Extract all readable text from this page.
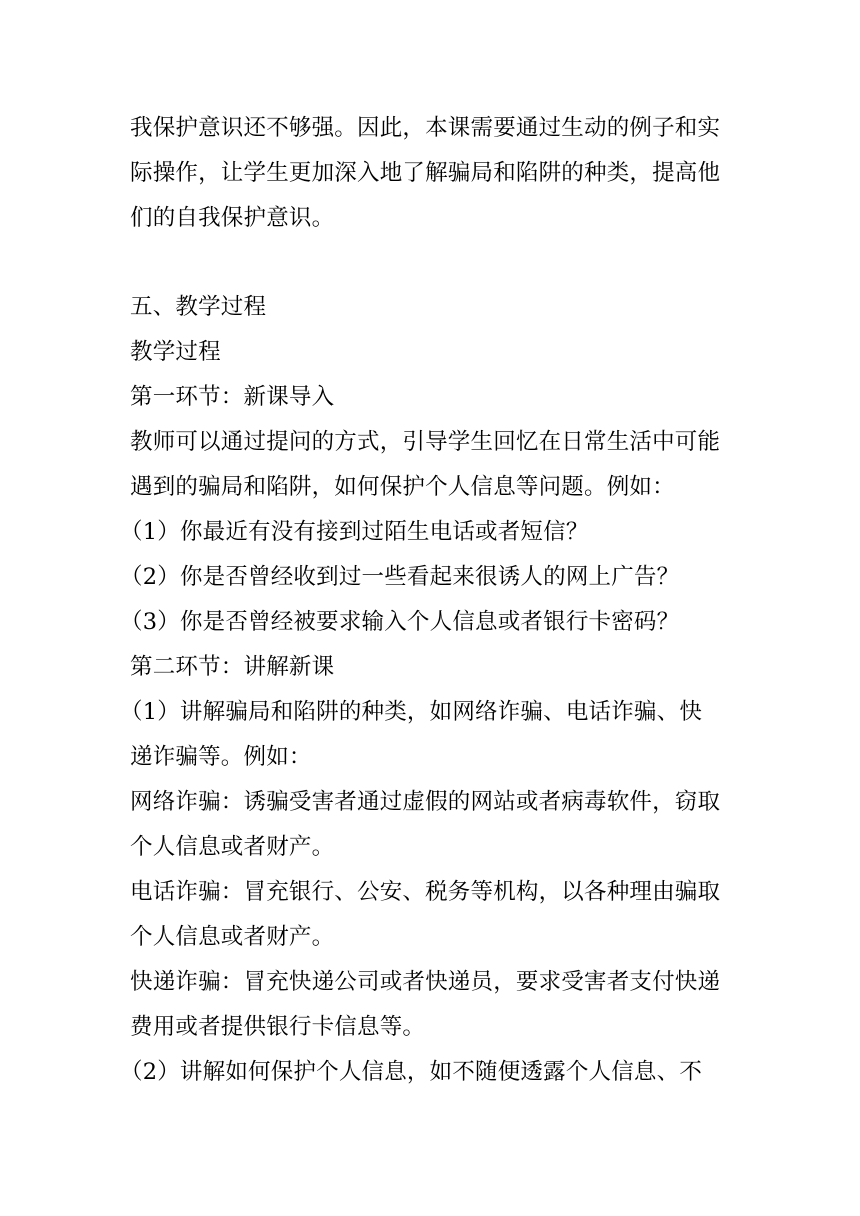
我保护意识还不够强。因此，本课需要通过生动的例子和实
际操作，让学生更加深入地了解骗局和陷阱的种类，提高他
们的自我保护意识。
五、教学过程
教学过程
第一环节：新课导入
教师可以通过提问的方式，引导学生回忆在日常生活中可能
遇到的骗局和陷阱，如何保护个人信息等问题。例如：
（1）你最近有没有接到过陌生电话或者短信？
（2）你是否曾经收到过一些看起来很诱人的网上广告？
（3）你是否曾经被要求输入个人信息或者银行卡密码？
第二环节：讲解新课
（1）讲解骗局和陷阱的种类，如网络诈骗、电话诈骗、快
递诈骗等。例如：
网络诈骗：诱骗受害者通过虚假的网站或者病毒软件，窃取
个人信息或者财产。
电话诈骗：冒充银行、公安、税务等机构，以各种理由骗取
个人信息或者财产。
快递诈骗：冒充快递公司或者快递员，要求受害者支付快递
费用或者提供银行卡信息等。
（2）讲解如何保护个人信息，如不随便透露个人信息、不
